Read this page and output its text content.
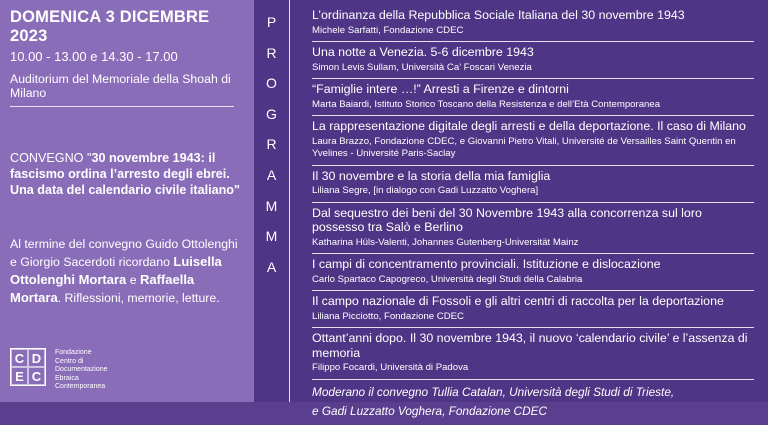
DOMENICA 3 DICEMBRE 2023
10.00 - 13.00 e 14.30 - 17.00
Auditorium del Memoriale della Shoah di Milano
CONVEGNO "30 novembre 1943: il fascismo ordina l’arresto degli ebrei. Una data del calendario civile italiano"
Al termine del convegno Guido Ottolenghi e Giorgio Sacerdoti ricordano Luisella Ottolenghi Mortara e Raffaella Mortara. Riflessioni, memorie, letture.
C D
E C
Fondazione
Centro di
Documentazione
Ebraica
Contemporanea
P
R
O
G
R
A
M
M
A
L’ordinanza della Repubblica Sociale Italiana del 30 novembre 1943
Michele Sarfatti, Fondazione CDEC
Una notte a Venezia. 5-6 dicembre 1943
Simon Levis Sullam, Università Ca’ Foscari Venezia
“Famiglie intere …!” Arresti a Firenze e dintorni
Marta Baiardi, Istituto Storico Toscano della Resistenza e dell’Età Contemporanea
La rappresentazione digitale degli arresti e della deportazione. Il caso di Milano
Laura Brazzo, Fondazione CDEC, e Giovanni Pietro Vitali, Université de Versailles Saint Quentin en Yvelines - Université Paris-Saclay
Il 30 novembre e la storia della mia famiglia
Liliana Segre, [in dialogo con Gadi Luzzatto Voghera]
Dal sequestro dei beni del 30 Novembre 1943 alla concorrenza sul loro possesso tra Salò e Berlino
Katharina Hüls-Valenti, Johannes Gutenberg-Universität Mainz
I campi di concentramento provinciali. Istituzione e dislocazione
Carlo Spartaco Capogreco, Università degli Studi della Calabria
Il campo nazionale di Fossoli e gli altri centri di raccolta per la deportazione
Liliana Picciotto, Fondazione CDEC
Ottant’anni dopo. Il 30 novembre 1943, il nuovo ‘calendario civile’ e l’assenza di memoria
Filippo Focardi, Università di Padova
Moderano il convegno Tullia Catalan, Università degli Studi di Trieste,
e Gadi Luzzatto Voghera, Fondazione CDEC
